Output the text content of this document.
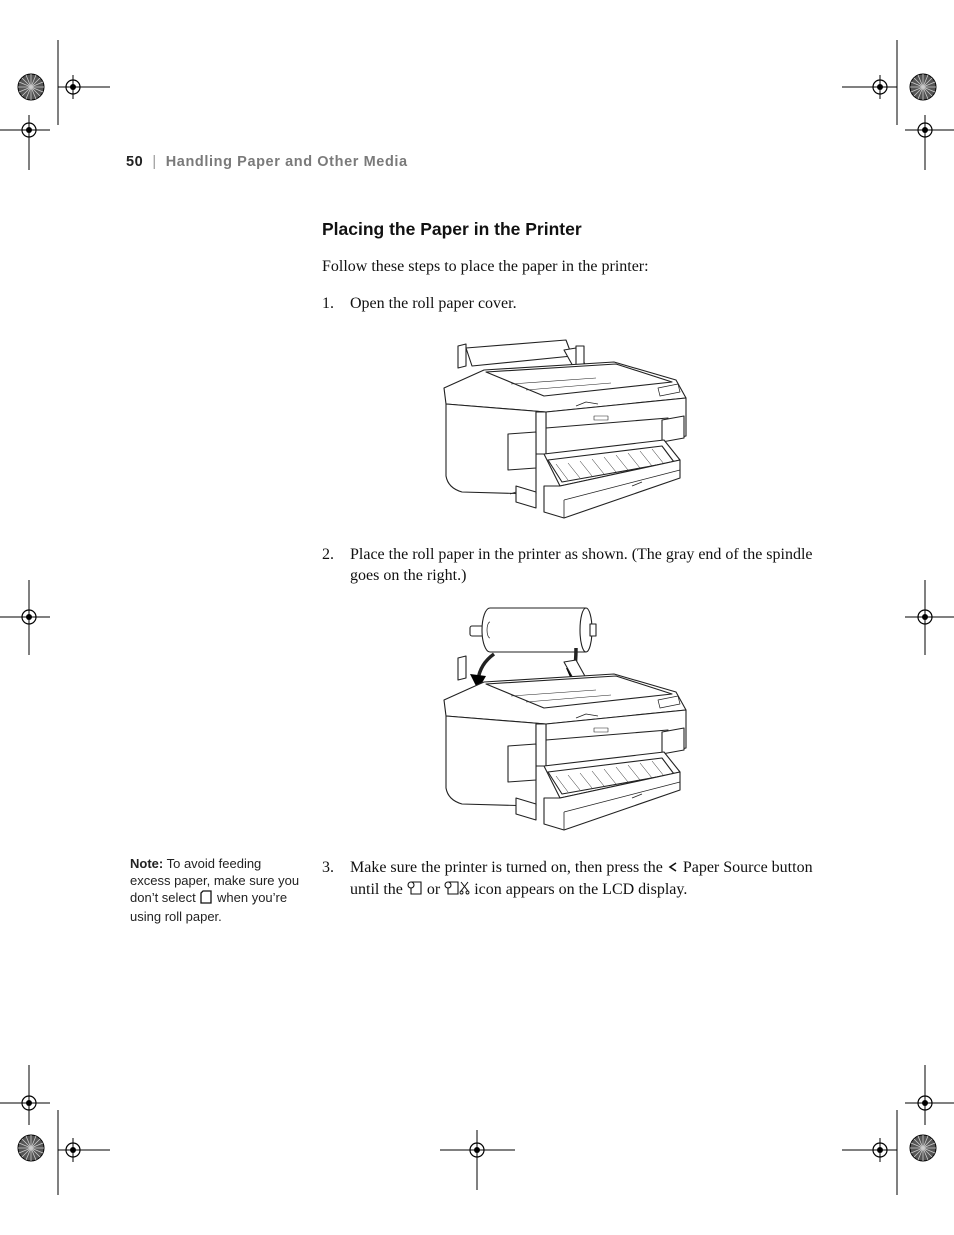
50 | Handling Paper and Other Media
Placing the Paper in the Printer
Follow these steps to place the paper in the printer:
1. Open the roll paper cover.
2. Place the roll paper in the printer as shown. (The gray end of the spindle goes on the right.)
Note: To avoid feeding excess paper, make sure you don’t select when you’re using roll paper.
3. Make sure the printer is turned on, then press the Paper Source button until the or icon appears on the LCD display.
